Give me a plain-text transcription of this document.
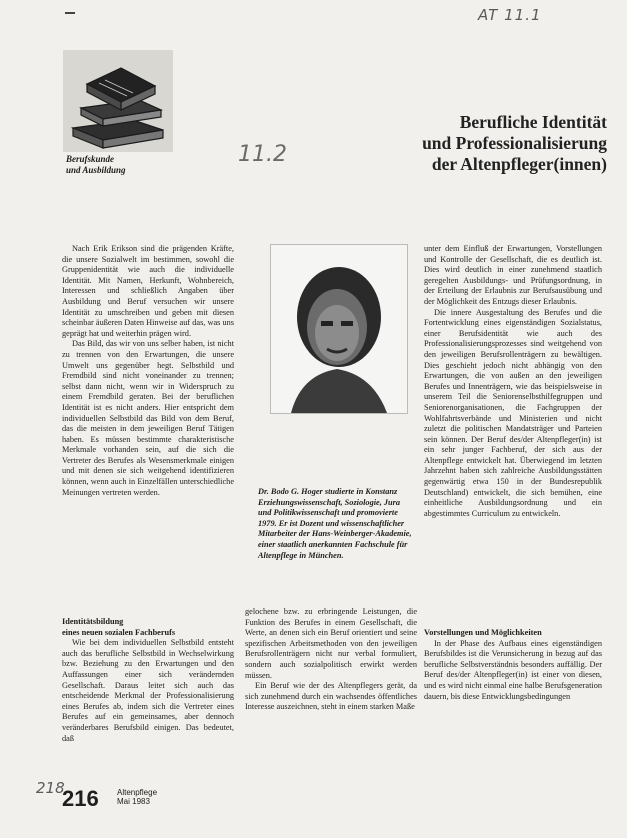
AT 11.1
11.2
218
Berufskunde
und Ausbildung
Berufliche Identität
und Professionalisierung
der Altenpfleger(innen)

Nach Erik Erikson sind die prägenden Kräfte, die unsere Sozialwelt im bestimmen, sowohl die Gruppenidentität wie auch die individuelle Identität. Mit Namen, Herkunft, Wohnbereich, Interessen und schließlich Angaben über Ausbildung und Beruf versuchen wir unsere Identität zu umschreiben und geben mit diesen scheinbar äußeren Daten Hinweise auf das, was uns geprägt hat und weiterhin prägen wird.

Das Bild, das wir von uns selber haben, ist nicht zu trennen von den Erwartungen, die unsere Umwelt uns gegenüber hegt. Selbstbild und Fremdbild sind nicht voneinander zu trennen; selbst dann nicht, wenn wir in Widerspruch zu einem Fremdbild geraten. Bei der beruflichen Identität ist es nicht anders. Hier entspricht dem individuellen Selbstbild das Bild von dem Beruf, das die meisten in dem jeweiligen Beruf Tätigen haben. Es müssen bestimmte charakteristische Merkmale vorhanden sein, auf die sich die Vertreter des Berufes als Wesensmerkmale einigen und mit denen sie sich weitgehend identifizieren können, wenn auch in Einzelfällen unterschiedliche Meinungen vertreten werden.

Identitätsbildung

eines neuen sozialen Fachberufs

Wie bei dem individuellen Selbstbild entsteht auch das berufliche Selbstbild in Wechselwirkung bzw. Beziehung zu den Erwartungen und den Auffassungen einer sich verändernden Gesellschaft. Daraus leitet sich auch das entscheidende Merkmal der Professionalisierung eines Berufes ab, indem sich die Vertreter eines Berufes auf ein gemeinsames, aber dennoch veränderbares Berufsbild einigen. Das bedeutet, daß

Dr. Bodo G. Hoger studierte in Konstanz Erziehungswissenschaft, Soziologie, Jura und Politikwissenschaft und promovierte 1979. Er ist Dozent und wissenschaftlicher Mitarbeiter der Hans-Weinberger-Akademie, einer staatlich anerkannten Fachschule für Altenpflege in München.

gelochene bzw. zu erbringende Leistungen, die Funktion des Berufes in einem Gesellschaft, die Werte, an denen sich ein Beruf orientiert und seine spezifischen Arbeitsmethoden von den jeweiligen Berufsrollenträgern nicht nur verbal formuliert, sondern auch sozialpolitisch erwirkt werden müssen.

Ein Beruf wie der des Altenpflegers gerät, da sich zunehmend durch ein wachsendes öffentliches Interesse auszeichnen, steht in einem starken Maße

unter dem Einfluß der Erwartungen, Vorstellungen und Kontrolle der Gesellschaft, die es deutlich ist. Dies wird deutlich in einer zunehmend staatlich geregelten Ausbildungs- und Prüfungsordnung, in der Erteilung der Erlaubnis zur Berufsausübung und der Möglichkeit des Entzugs dieser Erlaubnis.

Die innere Ausgestaltung des Berufes und die Fortentwicklung eines eigenständigen Sozialstatus, einer Berufsidentität wie auch des Professionalisierungsprozesses sind weitgehend von den jeweiligen Berufsrollenträgern zu bewältigen. Dies geschieht jedoch nicht abhängig von den Erwartungen, die von außen an den jeweiligen Berufes und Innenträgern, wie das beispielsweise in unserem Teil die Seniorenselbsthilfegruppen und Seniorenorganisationen, die Fachgruppen der Wohlfahrtsverbände und Ministerien und nicht zuletzt die politischen Mandatsträger und Parteien sein können. Der Beruf des/der Altenpfleger(in) ist ein sehr junger Fachberuf, der sich aus der Altenpflege entwickelt hat. Überwiegend im letzten Jahrzehnt haben sich zahlreiche Ausbildungsstätten gegenwärtig etwa 150 in der Bundesrepublik Deutschland) entwickelt, die sich bemühen, eine einheitliche Ausbildungsordnung und ein abgestimmtes Curriculum zu entwickeln.

Vorstellungen und Möglichkeiten

In der Phase des Aufbaus eines eigenständigen Berufsbildes ist die Verunsicherung in bezug auf das berufliche Selbstverständnis besonders auffällig. Der Beruf des/der Altenpfleger(in) ist einer von diesen, und es wird nicht einmal eine halbe Berufsgeneration dauern, bis diese Entwicklungsbedingungen

216 Altenpflege
Mai 1983
